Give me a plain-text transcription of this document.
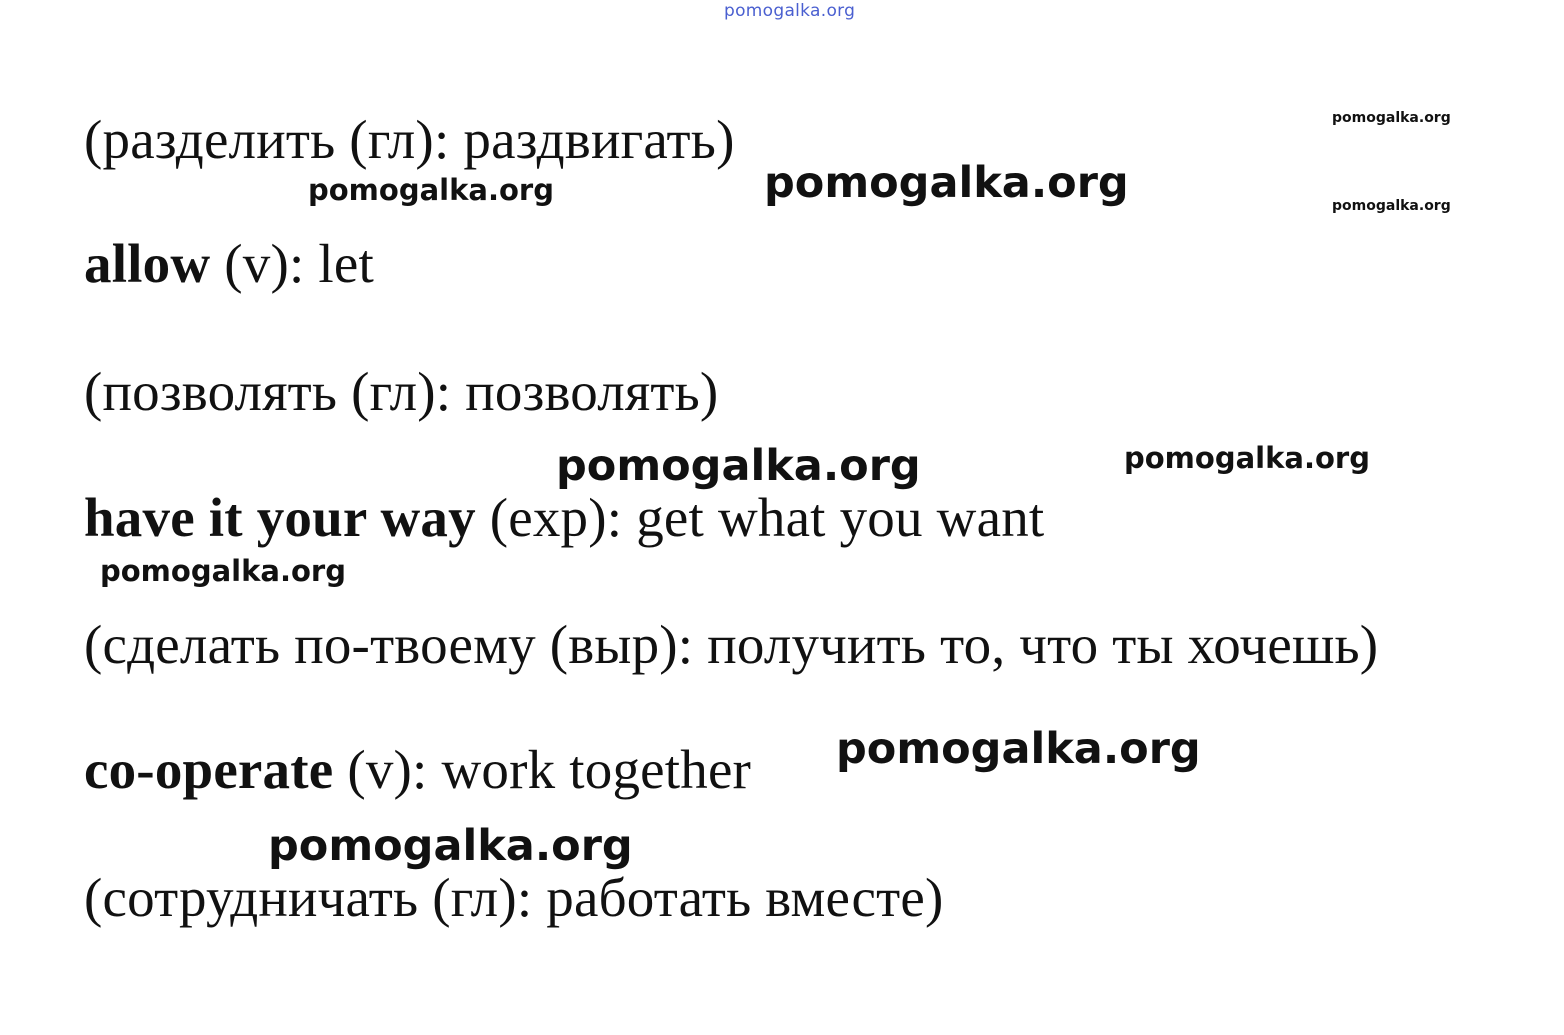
pomogalka.org
(разделить (гл): раздвигать)
allow (v): let
(позволять (гл): позволять)
have it your way (exp): get what you want
(сделать по-твоему (выр): получить то, что ты хочешь)
co-operate (v): work together
(сотрудничать (гл): работать вместе)
pomogalka.org
pomogalka.org	pomogalka.org	pomogalka.org
pomogalka.org	pomogalka.org
pomogalka.org
pomogalka.org
pomogalka.org
